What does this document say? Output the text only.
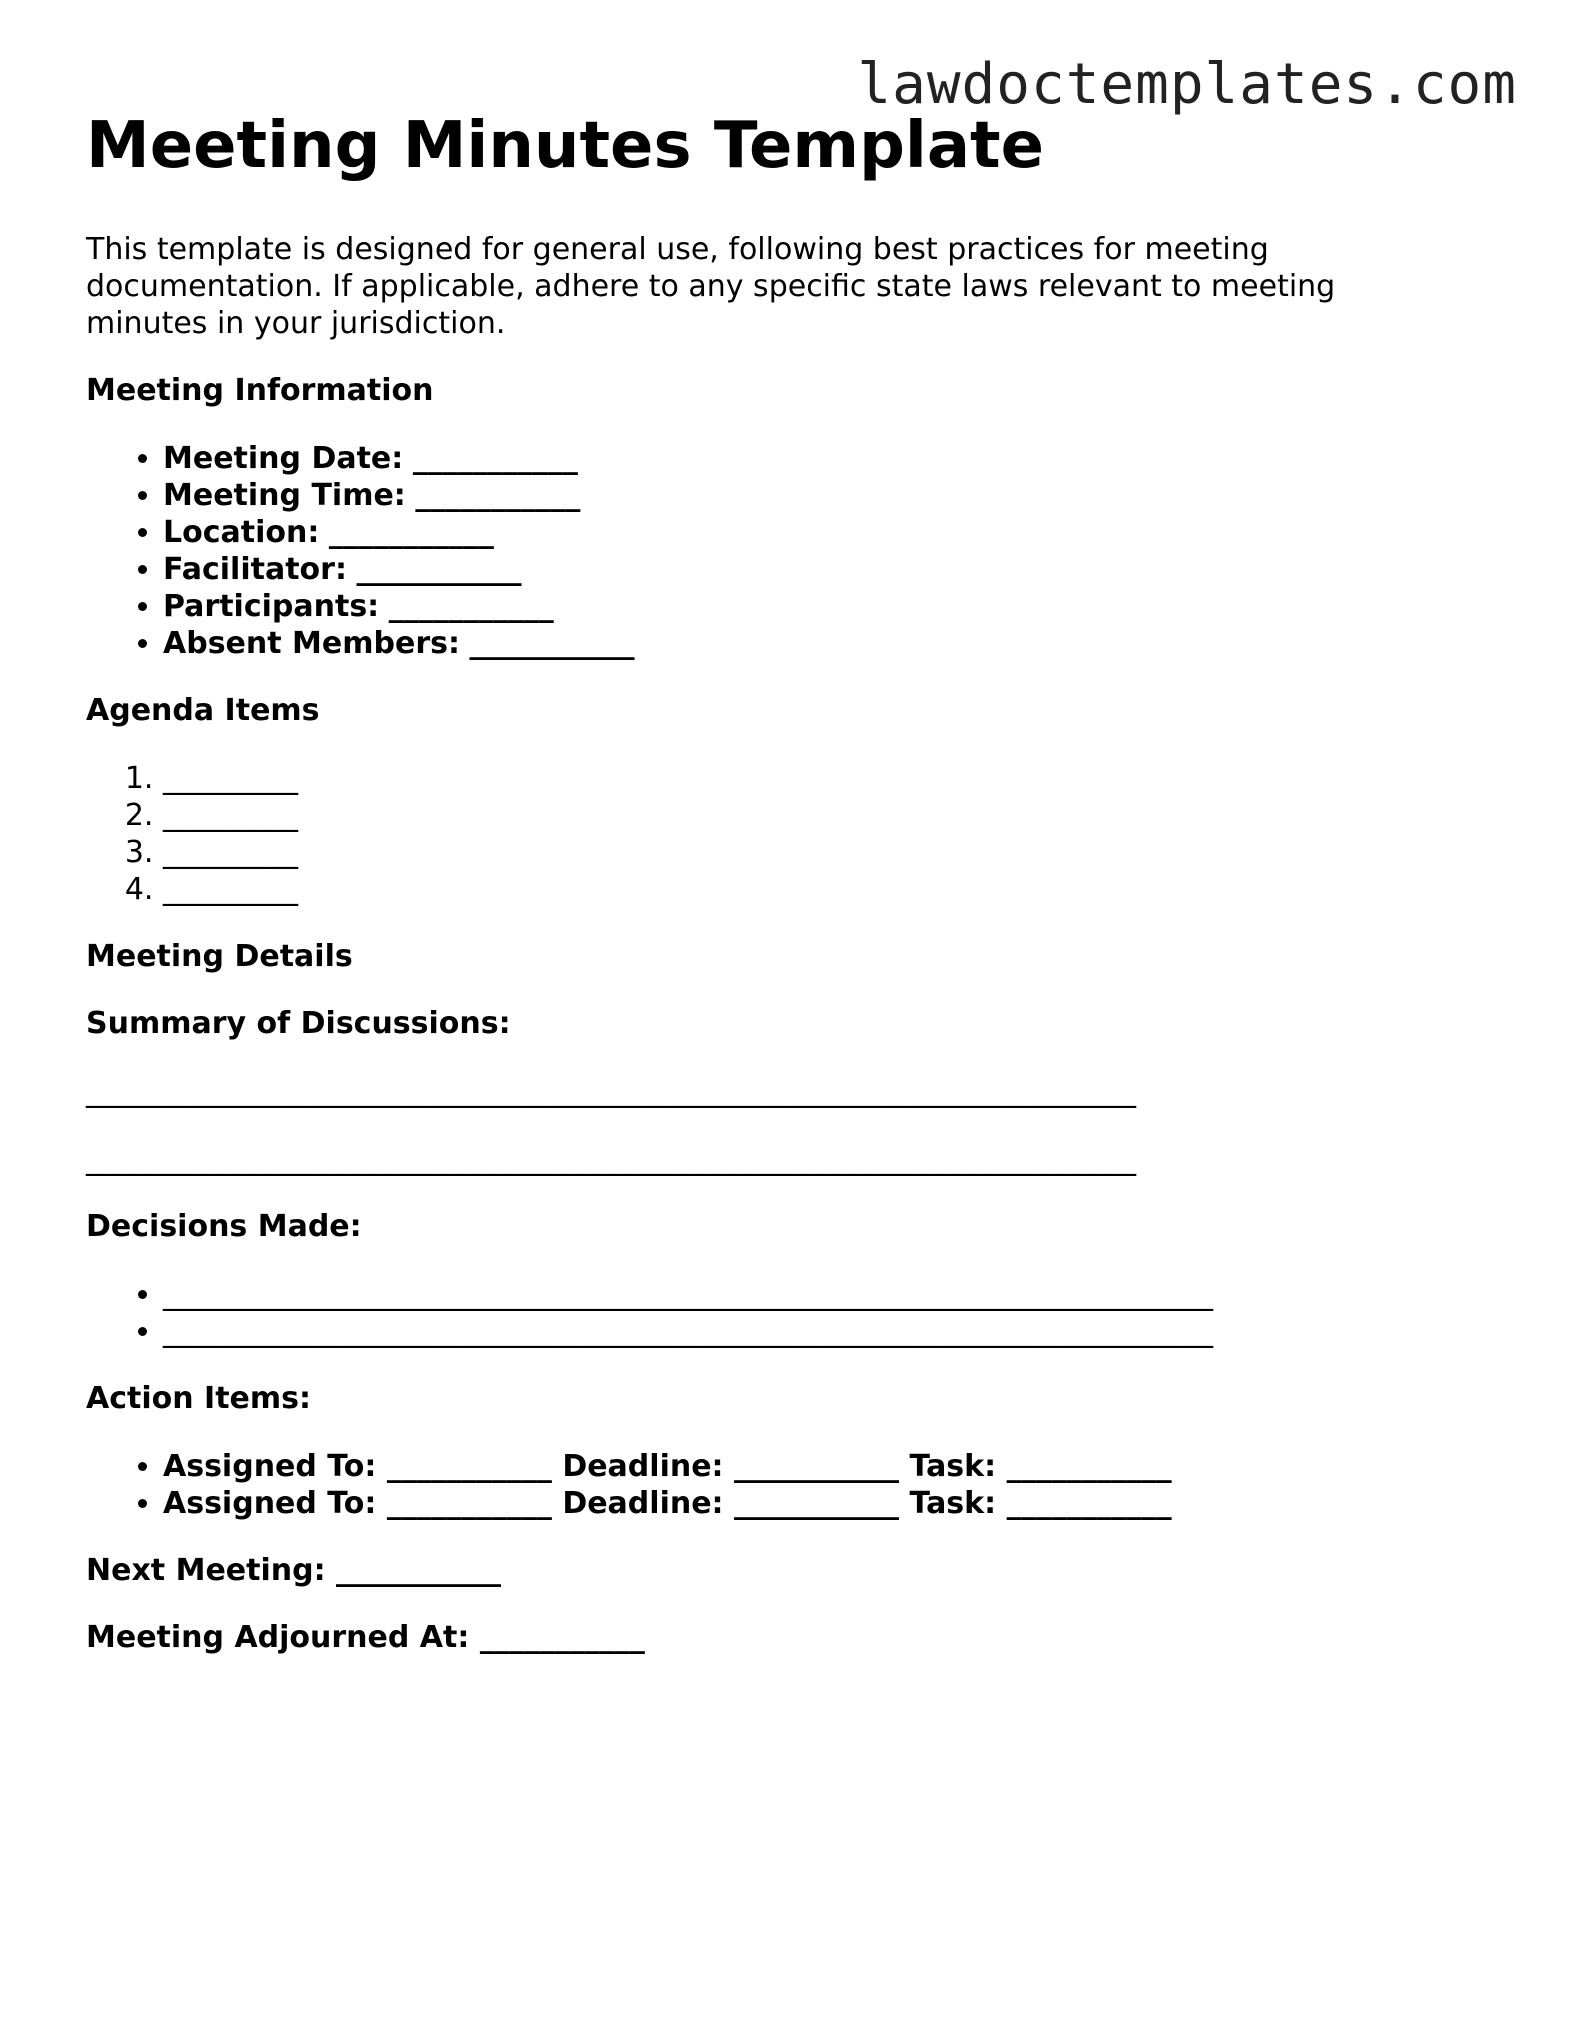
lawdoctemplates.com
Meeting Minutes Template

This template is designed for general use, following best practices for meeting documentation. If applicable, adhere to any specific state laws relevant to meeting minutes in your jurisdiction.

Meeting Information
• Meeting Date: ___________
• Meeting Time: ___________
• Location: ___________
• Facilitator: ___________
• Participants: ___________
• Absent Members: ___________
Agenda Items
1. _________
2. _________
3. _________
4. _________
Meeting Details
Summary of Discussions:
______________________________________________________________________
______________________________________________________________________
Decisions Made:
• ______________________________________________________________________
• ______________________________________________________________________
Action Items:
• Assigned To: ___________ Deadline: ___________ Task: ___________
• Assigned To: ___________ Deadline: ___________ Task: ___________
Next Meeting: ___________
Meeting Adjourned At: ___________
